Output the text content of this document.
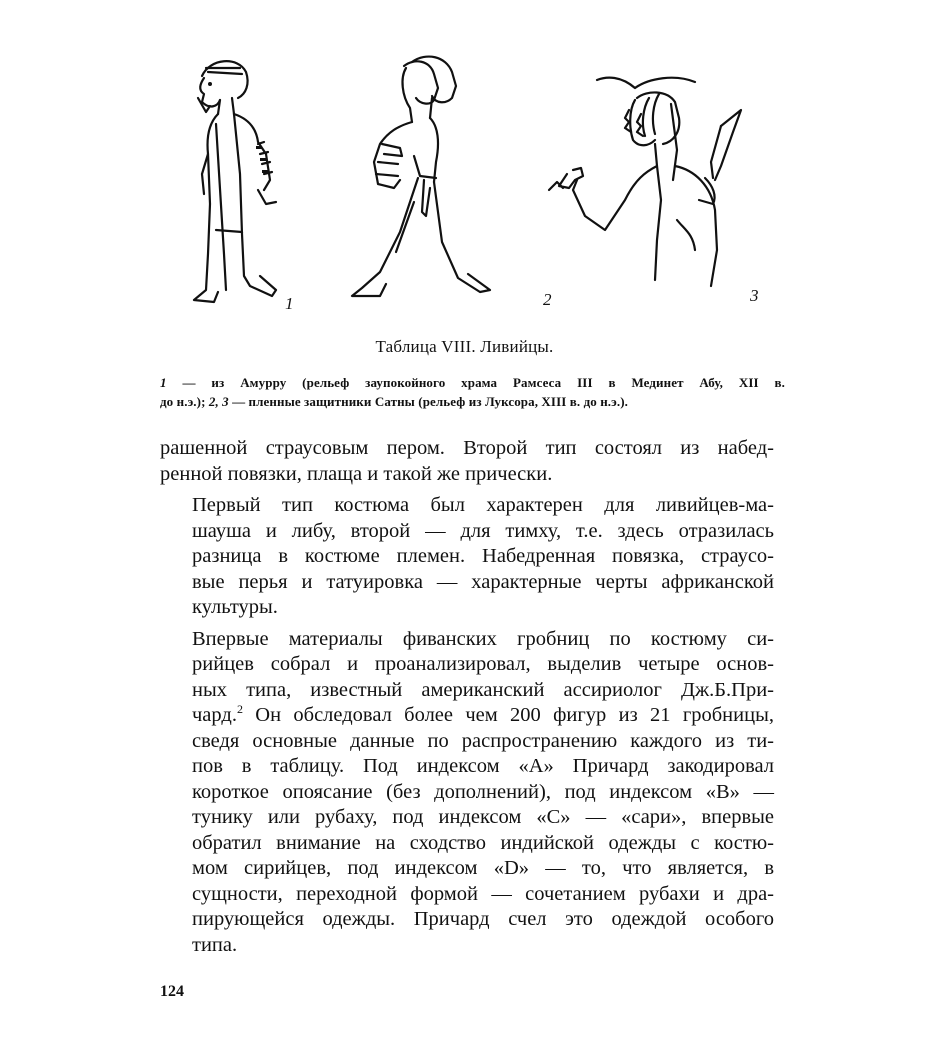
1	2	3
Таблица VIII. Ливийцы.
1 — из Амурру (рельеф заупокойного храма Рамсеса III в Мединет Абу, XII в.
до н.э.); 2, 3 — пленные защитники Сатны (рельеф из Луксора, XIII в. до н.э.).

рашенной страусовым пером. Второй тип состоял из набед-
ренной повязки, плаща и такой же прически.

Первый тип костюма был характерен для ливийцев-ма-
шауша и либу, второй — для тимху, т.е. здесь отразилась
разница в костюме племен. Набедренная повязка, страусо-
вые перья и татуировка — характерные черты африканской
культуры.

Впервые материалы фиванских гробниц по костюму си-
рийцев собрал и проанализировал, выделив четыре основ-
ных типа, известный американский ассириолог Дж.Б.При-
чард.$^2$ Он обследовал более чем 200 фигур из 21 гробницы,
сведя основные данные по распространению каждого из ти-
пов в таблицу. Под индексом «А» Причард закодировал
короткое опоясание (без дополнений), под индексом «В» —
тунику или рубаху, под индексом «С» — «сари», впервые
обратил внимание на сходство индийской одежды с костю-
мом сирийцев, под индексом «D» — то, что является, в
сущности, переходной формой — сочетанием рубахи и дра-
пирующейся одежды. Причард счел это одеждой особого
типа.

124
